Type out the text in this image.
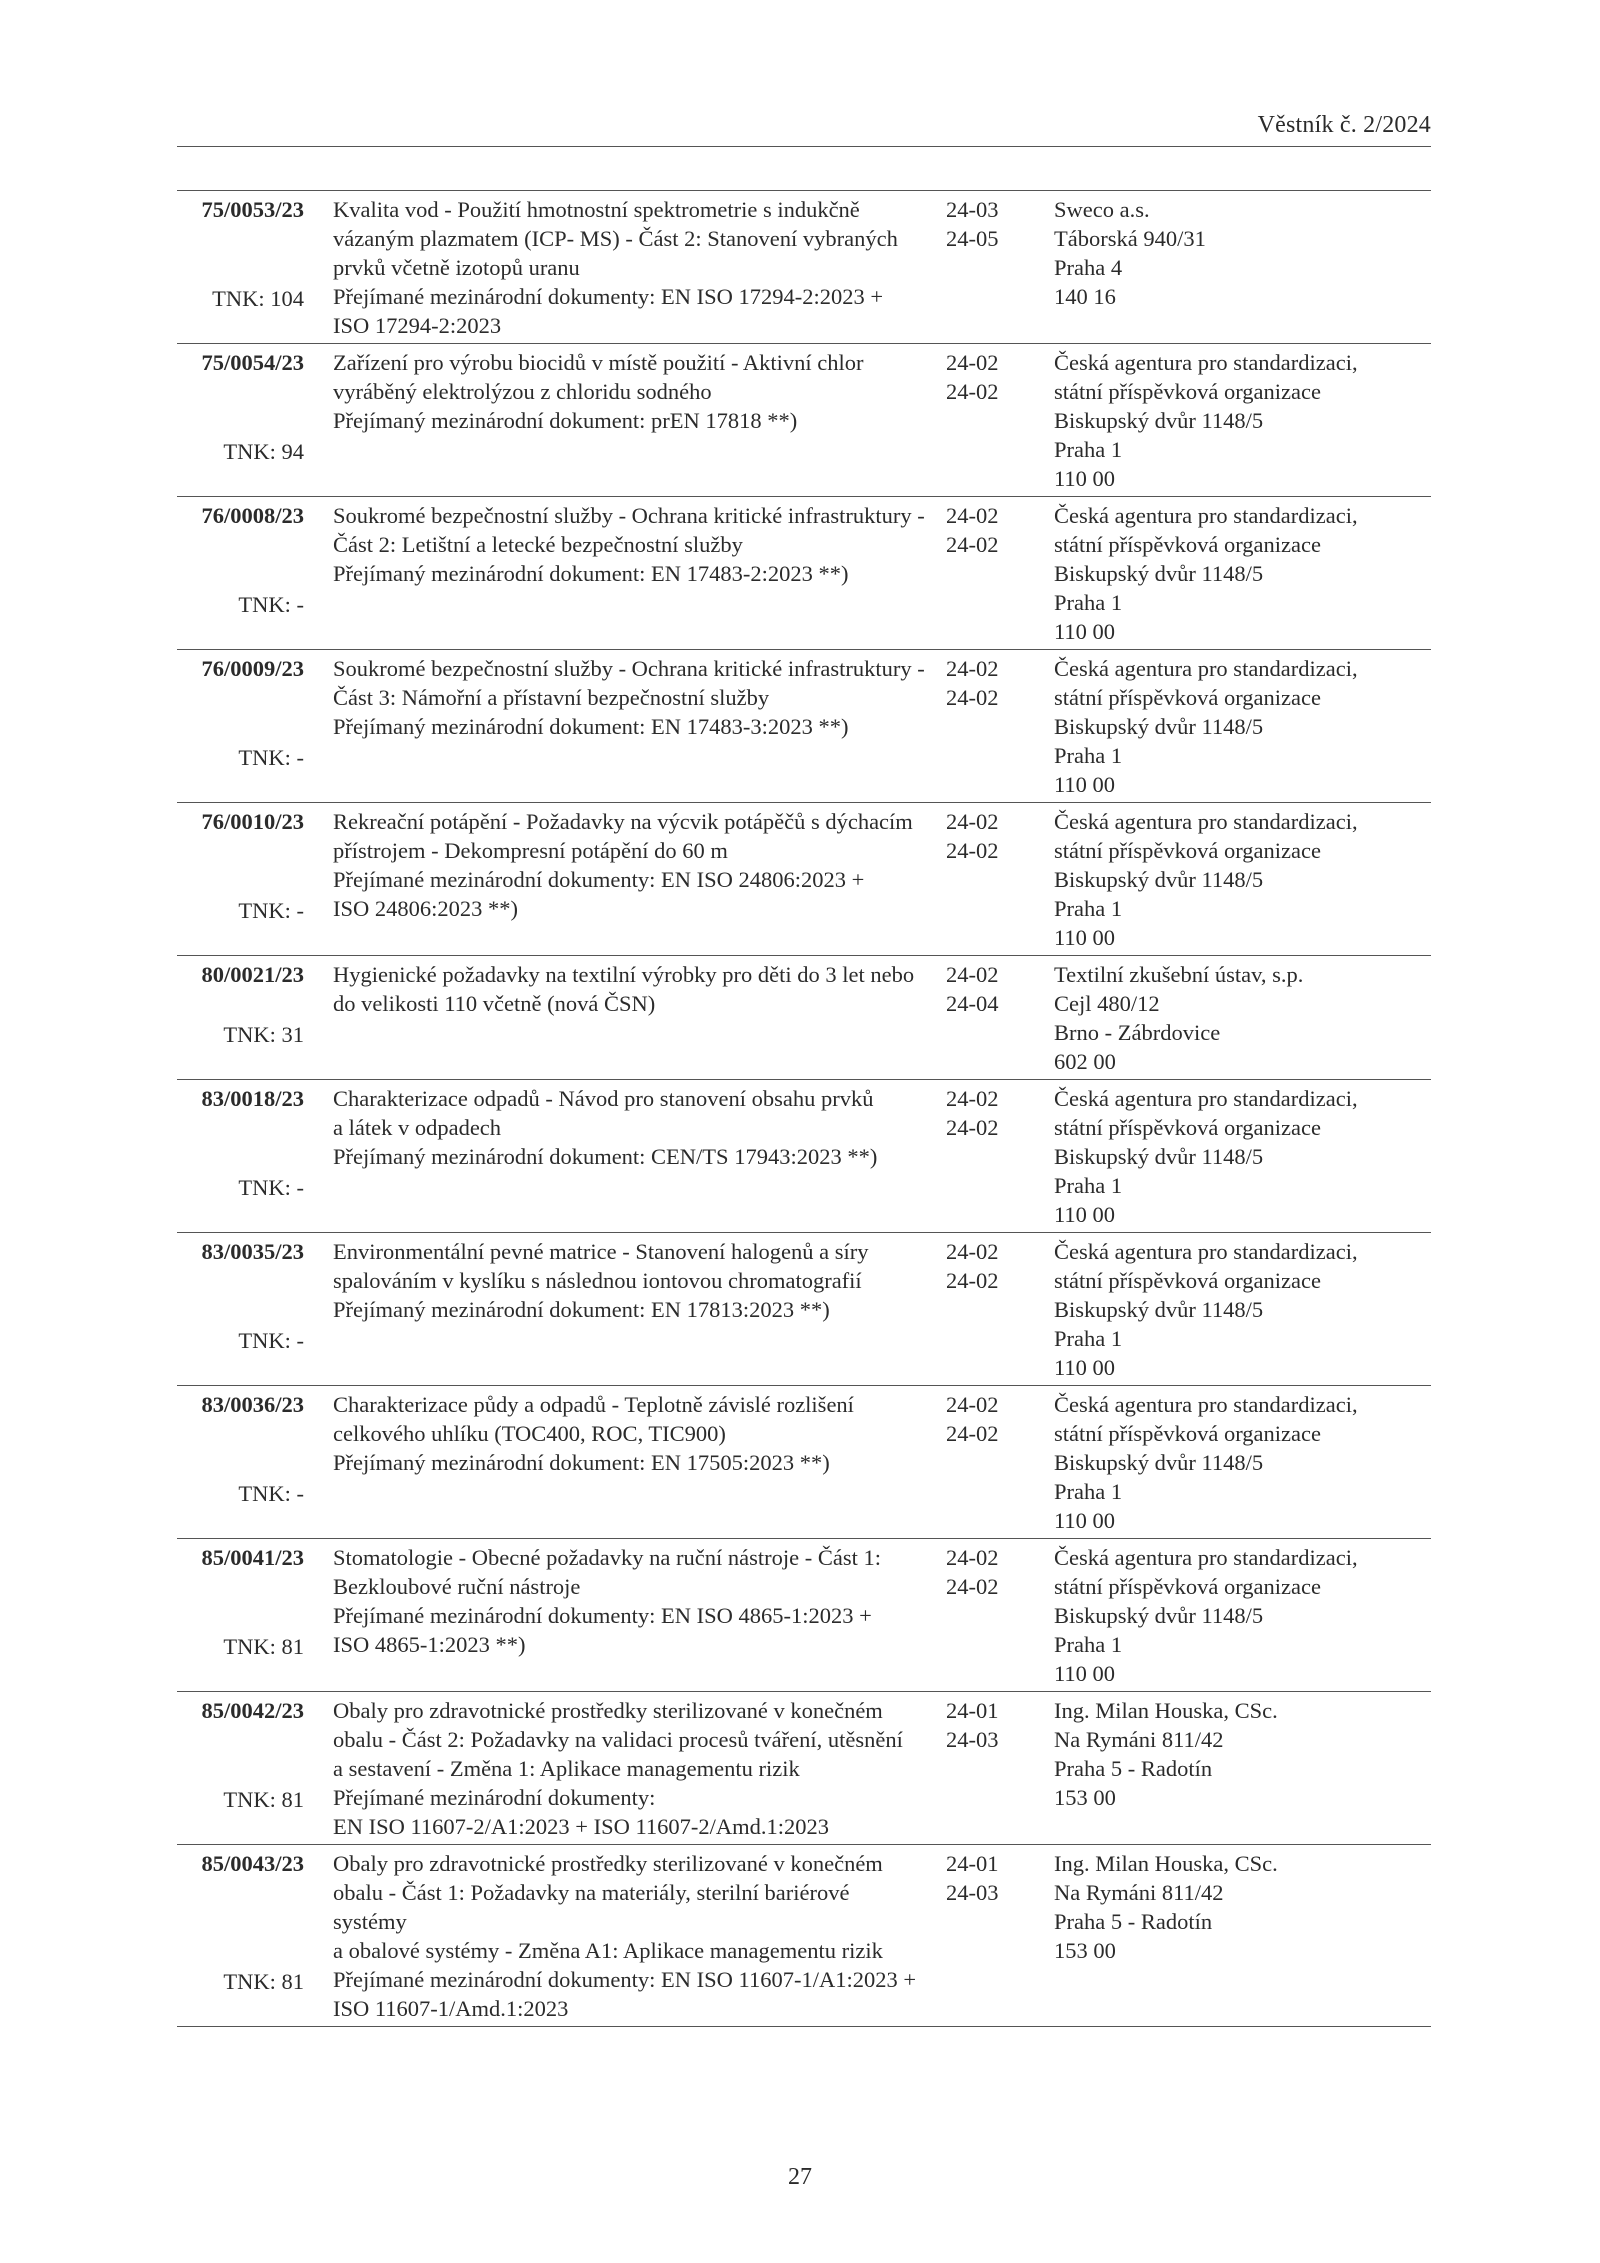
Věstník č. 2/2024
75/0053/23
TNK: 104
Kvalita vod - Použití hmotnostní spektrometrie s indukčně
vázaným plazmatem (ICP- MS) - Část 2: Stanovení vybraných
prvků včetně izotopů uranu
Přejímané mezinárodní dokumenty: EN ISO 17294-2:2023 +
ISO 17294-2:2023
24-03
24-05
Sweco a.s.
Táborská 940/31
Praha 4
140 16
75/0054/23
TNK: 94
Zařízení pro výrobu biocidů v místě použití - Aktivní chlor
vyráběný elektrolýzou z chloridu sodného
Přejímaný mezinárodní dokument: prEN 17818 **)
24-02
24-02
Česká agentura pro standardizaci,
státní příspěvková organizace
Biskupský dvůr 1148/5
Praha 1
110 00
76/0008/23
TNK: -
Soukromé bezpečnostní služby - Ochrana kritické infrastruktury -
Část 2: Letištní a letecké bezpečnostní služby
Přejímaný mezinárodní dokument: EN 17483-2:2023 **)
24-02
24-02
Česká agentura pro standardizaci,
státní příspěvková organizace
Biskupský dvůr 1148/5
Praha 1
110 00
76/0009/23
TNK: -
Soukromé bezpečnostní služby - Ochrana kritické infrastruktury -
Část 3: Námořní a přístavní bezpečnostní služby
Přejímaný mezinárodní dokument: EN 17483-3:2023 **)
24-02
24-02
Česká agentura pro standardizaci,
státní příspěvková organizace
Biskupský dvůr 1148/5
Praha 1
110 00
76/0010/23
TNK: -
Rekreační potápění - Požadavky na výcvik potápěčů s dýchacím
přístrojem - Dekompresní potápění do 60 m
Přejímané mezinárodní dokumenty: EN ISO 24806:2023 +
ISO 24806:2023 **)
24-02
24-02
Česká agentura pro standardizaci,
státní příspěvková organizace
Biskupský dvůr 1148/5
Praha 1
110 00
80/0021/23
TNK: 31
Hygienické požadavky na textilní výrobky pro děti do 3 let nebo
do velikosti 110 včetně (nová ČSN)
24-02
24-04
Textilní zkušební ústav, s.p.
Cejl 480/12
Brno - Zábrdovice
602 00
83/0018/23
TNK: -
Charakterizace odpadů - Návod pro stanovení obsahu prvků
a látek v odpadech
Přejímaný mezinárodní dokument: CEN/TS 17943:2023 **)
24-02
24-02
Česká agentura pro standardizaci,
státní příspěvková organizace
Biskupský dvůr 1148/5
Praha 1
110 00
83/0035/23
TNK: -
Environmentální pevné matrice - Stanovení halogenů a síry
spalováním v kyslíku s následnou iontovou chromatografií
Přejímaný mezinárodní dokument: EN 17813:2023 **)
24-02
24-02
Česká agentura pro standardizaci,
státní příspěvková organizace
Biskupský dvůr 1148/5
Praha 1
110 00
83/0036/23
TNK: -
Charakterizace půdy a odpadů - Teplotně závislé rozlišení
celkového uhlíku (TOC400, ROC, TIC900)
Přejímaný mezinárodní dokument: EN 17505:2023 **)
24-02
24-02
Česká agentura pro standardizaci,
státní příspěvková organizace
Biskupský dvůr 1148/5
Praha 1
110 00
85/0041/23
TNK: 81
Stomatologie - Obecné požadavky na ruční nástroje - Část 1:
Bezkloubové ruční nástroje
Přejímané mezinárodní dokumenty: EN ISO 4865-1:2023 +
ISO 4865-1:2023 **)
24-02
24-02
Česká agentura pro standardizaci,
státní příspěvková organizace
Biskupský dvůr 1148/5
Praha 1
110 00
85/0042/23
TNK: 81
Obaly pro zdravotnické prostředky sterilizované v konečném
obalu - Část 2: Požadavky na validaci procesů tváření, utěsnění
a sestavení - Změna 1: Aplikace managementu rizik
Přejímané mezinárodní dokumenty:
EN ISO 11607-2/A1:2023 + ISO 11607-2/Amd.1:2023
24-01
24-03
Ing. Milan Houska, CSc.
Na Rymáni 811/42
Praha 5 - Radotín
153 00
85/0043/23
TNK: 81
Obaly pro zdravotnické prostředky sterilizované v konečném
obalu - Část 1: Požadavky na materiály, sterilní bariérové systémy
a obalové systémy - Změna A1: Aplikace managementu rizik
Přejímané mezinárodní dokumenty: EN ISO 11607-1/A1:2023 +
ISO 11607-1/Amd.1:2023
24-01
24-03
Ing. Milan Houska, CSc.
Na Rymáni 811/42
Praha 5 - Radotín
153 00
27
